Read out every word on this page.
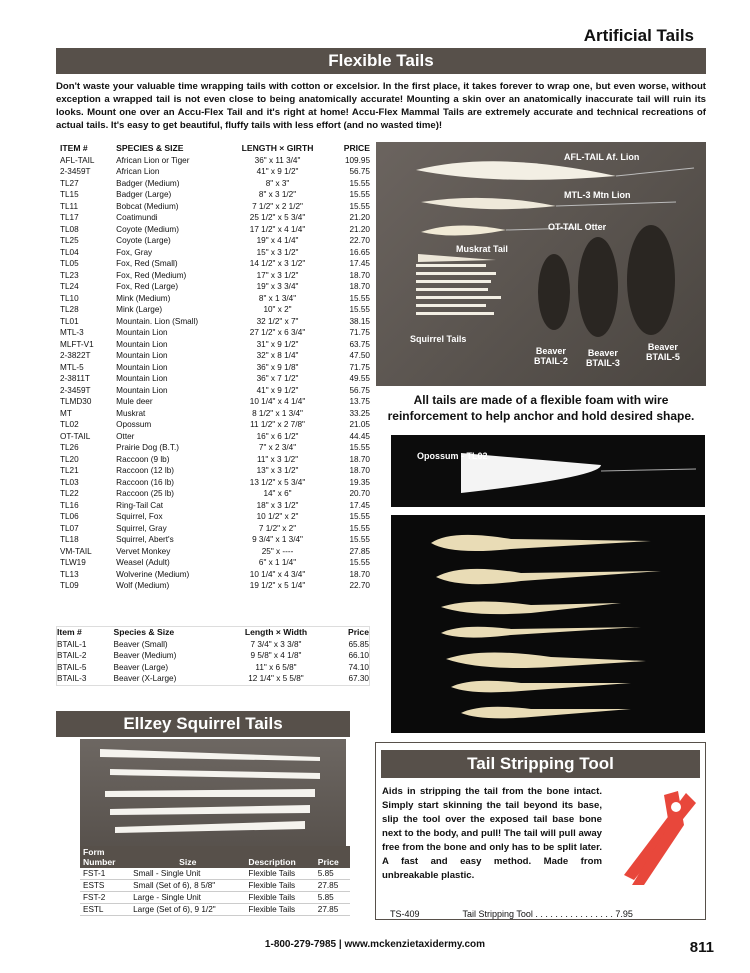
Artificial Tails
Flexible Tails

Don't waste your valuable time wrapping tails with cotton or excelsior. In the first place, it takes forever to wrap one, but even worse, without exception a wrapped tail is not even close to being anatomically accurate! Mounting a skin over an anatomically inaccurate tail will ruin its looks. Mount one over an Accu-Flex Tail and it's right at home! Accu-Flex Mammal Tails are extremely accurate and technical recreations of actual tails. It's easy to get beautiful, fluffy tails with less effort (and no wasted time)!

ITEM #	SPECIES & SIZE	LENGTH × GIRTH	PRICE
AFL-TAIL	African Lion or Tiger	36" x 11 3/4"	109.95
2-3459T	African Lion	41" x 9 1/2"	56.75
TL27	Badger (Medium)	8" x 3"	15.55
TL15	Badger (Large)	8" x 3 1/2"	15.55
TL11	Bobcat (Medium)	7 1/2" x 2 1/2"	15.55
TL17	Coatimundi	25 1/2" x 5 3/4"	21.20
TL08	Coyote (Medium)	17 1/2" x 4 1/4"	21.20
TL25	Coyote (Large)	19" x 4 1/4"	22.70
TL04	Fox, Gray	15" x 3 1/2"	16.65
TL05	Fox, Red (Small)	14 1/2" x 3 1/2"	17.45
TL23	Fox, Red (Medium)	17" x 3 1/2"	18.70
TL24	Fox, Red (Large)	19" x 3 3/4"	18.70
TL10	Mink (Medium)	8" x 1 3/4"	15.55
TL28	Mink (Large)	10" x 2"	15.55
TL01	Mountain. Lion (Small)	32 1/2" x 7"	38.15
MTL-3	Mountain Lion	27 1/2" x 6 3/4"	71.75
MLFT-V1	Mountain Lion	31" x 9 1/2"	63.75
2-3822T	Mountain Lion	32" x 8 1/4"	47.50
MTL-5	Mountain Lion	36" x 9 1/8"	71.75
2-3811T	Mountain Lion	36" x 7 1/2"	49.55
2-3459T	Mountain Lion	41" x 9 1/2"	56.75
TLMD30	Mule deer	10 1/4" x 4 1/4"	13.75
MT	Muskrat	8 1/2" x 1 3/4"	33.25
TL02	Opossum	11 1/2" x 2 7/8"	21.05
OT-TAIL	Otter	16" x 6 1/2"	44.45
TL26	Prairie Dog (B.T.)	7" x 2 3/4"	15.55
TL20	Raccoon (9 lb)	11" x 3 1/2"	18.70
TL21	Raccoon (12 lb)	13" x 3 1/2"	18.70
TL03	Raccoon (16 lb)	13 1/2" x 5 3/4"	19.35
TL22	Raccoon (25 lb)	14" x 6"	20.70
TL16	Ring-Tail Cat	18" x 3 1/2"	17.45
TL06	Squirrel, Fox	10 1/2" x 2"	15.55
TL07	Squirrel, Gray	7 1/2" x 2"	15.55
TL18	Squirrel, Abert's	9 3/4" x 1 3/4"	15.55
VM-TAIL	Vervet Monkey	25" x ----	27.85
TLW19	Weasel (Adult)	6" x 1 1/4"	15.55
TL13	Wolverine (Medium)	10 1/4" x 4 3/4"	18.70
TL09	Wolf (Medium)	19 1/2" x 5 1/4"	22.70
Item #	Species & Size	Length × Width	Price
BTAIL-1	Beaver (Small)	7 3/4" x 3 3/8"	65.85
BTAIL-2	Beaver (Medium)	9 5/8" x 4 1/8"	66.10
BTAIL-5	Beaver (Large)	11" x 6 5/8"	74.10
BTAIL-3	Beaver (X-Large)	12 1/4" x 5 5/8"	67.30
AFL-TAIL Af. Lion
MTL-3 Mtn Lion
OT-TAIL Otter
Muskrat Tail
Squirrel Tails
Beaver
BTAIL-2
Beaver
BTAIL-3
Beaver
BTAIL-5
All tails are made of a flexible foam with wire reinforcement to help anchor and hold desired shape.
Opossum - TL02
Ellzey Squirrel Tails
Form
Number	Size	Description	Price
FST-1	Small - Single Unit	Flexible Tails	5.85
ESTS	Small (Set of 6), 8 5/8"	Flexible Tails	27.85
FST-2	Large - Single Unit	Flexible Tails	5.85
ESTL	Large (Set of 6), 9 1/2"	Flexible Tails	27.85
Tail Stripping Tool

Aids in stripping the tail from the bone intact. Simply start skinning the tail beyond its base, slip the tool over the exposed tail base bone next to the body, and pull! The tail will pull away free from the bone and only has to be split later. A fast and easy method. Made from unbreakable plastic.

TS-409	Tail Stripping Tool . . . . . . . . . . . . . . . . 7.95
1-800-279-7985 | www.mckenzietaxidermy.com	811
